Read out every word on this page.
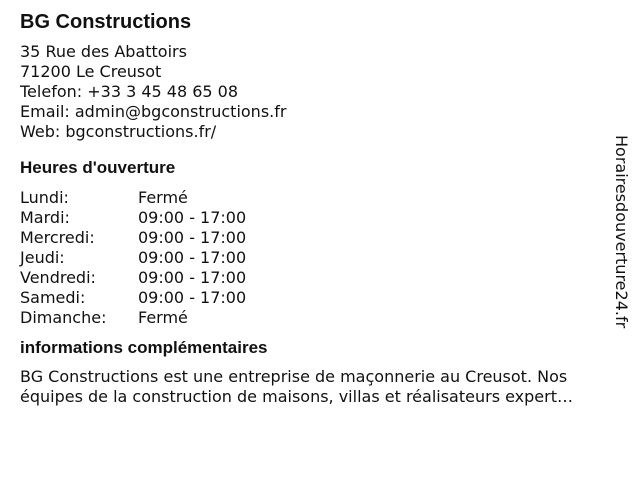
BG Constructions
35 Rue des Abattoirs
71200 Le Creusot
Telefon: +33 3 45 48 65 08
Email: admin@bgconstructions.fr
Web: bgconstructions.fr/
Heures d'ouverture
Lundi:	Fermé
Mardi:	09:00 - 17:00
Mercredi:	09:00 - 17:00
Jeudi:	09:00 - 17:00
Vendredi:	09:00 - 17:00
Samedi:	09:00 - 17:00
Dimanche:	Fermé
informations complémentaires
BG Constructions est une entreprise de maçonnerie au Creusot. Nos équipes de la construction de maisons, villas et réalisateurs expert…
Horairesdouverture24.fr
